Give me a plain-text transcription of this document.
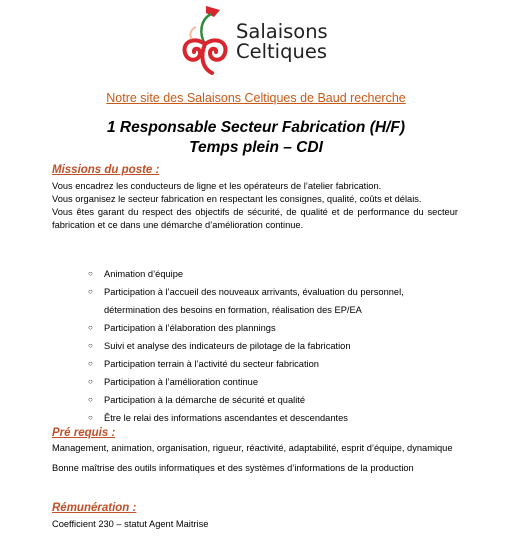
Salaisons
Celtiques
Notre site des Salaisons Celtiques de Baud recherche
1 Responsable Secteur Fabrication (H/F)
Temps plein – CDI
Missions du poste :
Vous encadrez les conducteurs de ligne et les opérateurs de l’atelier fabrication.
Vous organisez le secteur fabrication en respectant les consignes, qualité, coûts et délais.
Vous êtes garant du respect des objectifs de sécurité, de qualité et de performance du secteur fabrication et ce dans une démarche d’amélioration continue.
○ Animation d’équipe
○ Participation à l’accueil des nouveaux arrivants, évaluation du personnel, détermination des besoins en formation, réalisation des EP/EA
○ Participation à l’élaboration des plannings
○ Suivi et analyse des indicateurs de pilotage de la fabrication
○ Participation terrain à l’activité du secteur fabrication
○ Participation à l’amélioration continue
○ Participation à la démarche de sécurité et qualité
○ Être le relai des informations ascendantes et descendantes
Pré requis :
Management, animation, organisation, rigueur, réactivité, adaptabilité, esprit d’équipe, dynamique
Bonne maîtrise des outils informatiques et des systèmes d’informations de la production
Rémunération :
Coefficient 230 – statut Agent Maitrise
